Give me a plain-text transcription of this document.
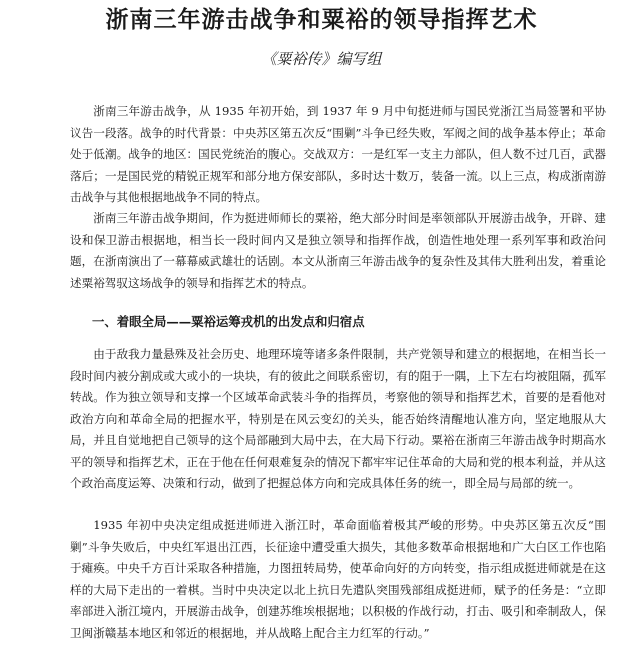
浙南三年游击战争和粟裕的领导指挥艺术
《粟裕传》编写组

浙南三年游击战争，从 1935 年初开始，到 1937 年 9 月中旬挺进师与国民党浙江当局签署和平协议告一段落。战争的时代背景：中央苏区第五次反“围剿”斗争已经失败，军阀之间的战争基本停止；革命处于低潮。战争的地区：国民党统治的腹心。交战双方：一是红军一支主力部队，但人数不过几百，武器落后；一是国民党的精锐正规军和部分地方保安部队，多时达十数万，装备一流。以上三点，构成浙南游击战争与其他根据地战争不同的特点。

浙南三年游击战争期间，作为挺进师师长的粟裕，绝大部分时间是率领部队开展游击战争，开辟、建设和保卫游击根据地，相当长一段时间内又是独立领导和指挥作战，创造性地处理一系列军事和政治问题，在浙南演出了一幕幕威武雄壮的话剧。本文从浙南三年游击战争的复杂性及其伟大胜利出发，着重论述粟裕驾驭这场战争的领导和指挥艺术的特点。

一、着眼全局——粟裕运筹戎机的出发点和归宿点

由于敌我力量悬殊及社会历史、地理环境等诸多条件限制，共产党领导和建立的根据地，在相当长一段时间内被分割成或大或小的一块块，有的彼此之间联系密切，有的阻于一隅，上下左右均被阻隔，孤军转战。作为独立领导和支撑一个区域革命武装斗争的指挥员，考察他的领导和指挥艺术，首要的是看他对政治方向和革命全局的把握水平，特别是在风云变幻的关头，能否始终清醒地认准方向，坚定地服从大局，并且自觉地把自己领导的这个局部融到大局中去，在大局下行动。粟裕在浙南三年游击战争时期高水平的领导和指挥艺术，正在于他在任何艰难复杂的情况下都牢牢记住革命的大局和党的根本利益，并从这个政治高度运筹、决策和行动，做到了把握总体方向和完成具体任务的统一，即全局与局部的统一。

1935 年初中央决定组成挺进师进入浙江时，革命面临着极其严峻的形势。中央苏区第五次反“围剿”斗争失败后，中央红军退出江西，长征途中遭受重大损失，其他多数革命根据地和广大白区工作也陷于瘫痪。中央千方百计采取各种措施，力图扭转局势，使革命向好的方向转变，指示组成挺进师就是在这样的大局下走出的一着棋。当时中央决定以北上抗日先遣队突围残部组成挺进师，赋予的任务是：“立即率部进入浙江境内，开展游击战争，创建苏维埃根据地；以积极的作战行动，打击、吸引和牵制敌人，保卫闽浙赣基本地区和邻近的根据地，并从战略上配合主力红军的行动。”
